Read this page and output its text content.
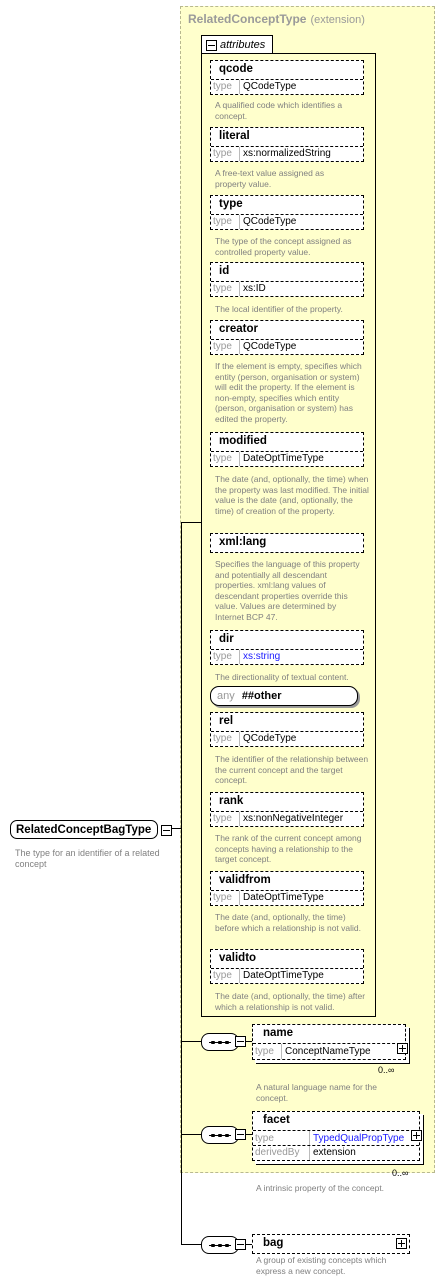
RelatedConceptType (extension)
attributes
qcode
type	QCodeType
A qualified code which identifies a concept.
literal
type	xs:normalizedString
A free-text value assigned as property value.
type
type	QCodeType
The type of the concept assigned as controlled property value.
id
type	xs:ID
The local identifier of the property.
creator
type	QCodeType
If the element is empty, specifies which entity (person, organisation or system) will edit the property. If the element is non-empty, specifies which entity (person, organisation or system) has edited the property.
modified
type	DateOptTimeType
The date (and, optionally, the time) when the property was last modified. The initial value is the date (and, optionally, the time) of creation of the property.
xml:lang
Specifies the language of this property and potentially all descendant properties. xml:lang values of descendant properties override this value. Values are determined by Internet BCP 47.
dir
type	xs:string
The directionality of textual content.
any ##other
rel
type	QCodeType
The identifier of the relationship between the current concept and the target concept.
rank
type	xs:nonNegativeInteger
The rank of the current concept among concepts having a relationship to the target concept.
validfrom
type	DateOptTimeType
The date (and, optionally, the time) before which a relationship is not valid.
validto
type	DateOptTimeType
The date (and, optionally, the time) after which a relationship is not valid.
RelatedConceptBagType
The type for an identifier of a related concept
name
type	ConceptNameType
0..∞
A natural language name for the concept.
facet
type	TypedQualPropType
derivedBy	extension
0..∞
A intrinsic property of the concept.
bag
A group of existing concepts which express a new concept.
